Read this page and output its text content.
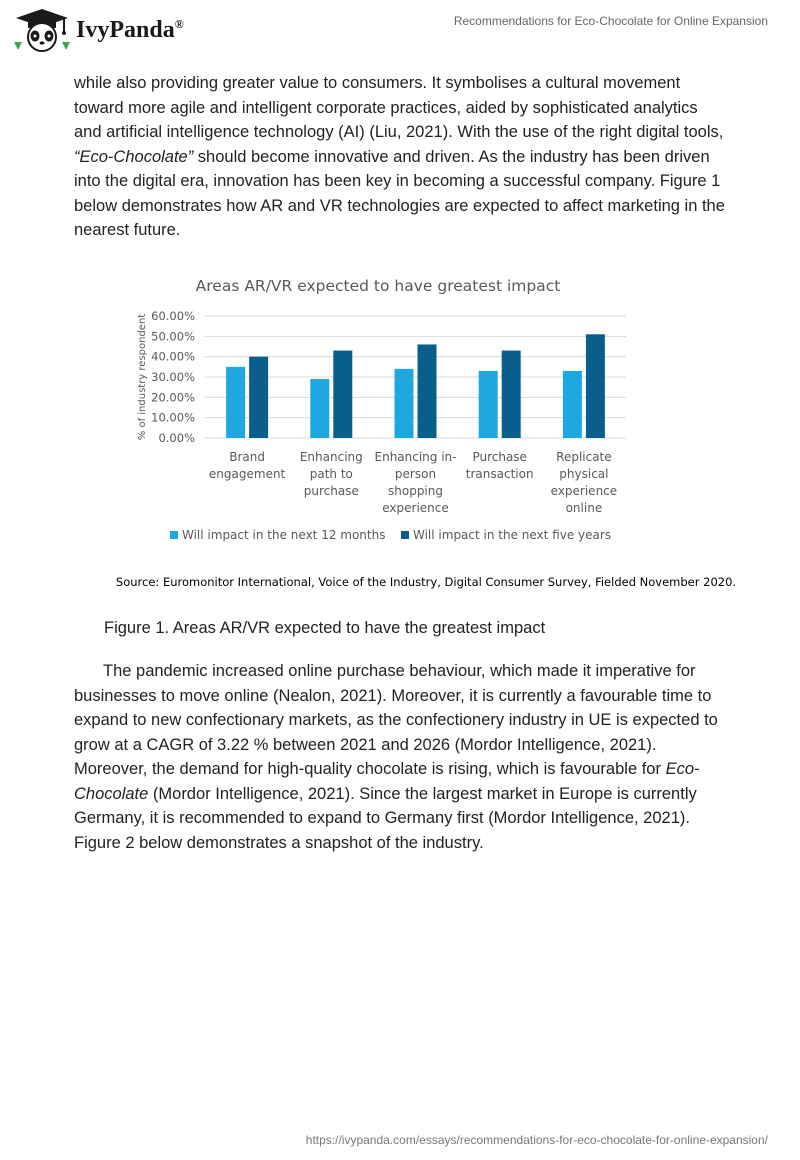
IvyPanda®	Recommendations for Eco-Chocolate for Online Expansion

while also providing greater value to consumers. It symbolises a cultural movement toward more agile and intelligent corporate practices, aided by sophisticated analytics and artificial intelligence technology (AI) (Liu, 2021). With the use of the right digital tools, “Eco-Chocolate” should become innovative and driven. As the industry has been driven into the digital era, innovation has been key in becoming a successful company. Figure 1 below demonstrates how AR and VR technologies are expected to affect marketing in the nearest future.

Areas AR/VR expected to have greatest impact
0.00%
10.00%
20.00%
30.00%
40.00%
50.00%
60.00%
% of industry respondent
Brand engagement
Enhancing path to purchase
Enhancing in-person shopping experience
Purchase transaction
Replicate physical experience online
Will impact in the next 12 months Will impact in the next five years
Source: Euromonitor International, Voice of the Industry, Digital Consumer Survey, Fielded November 2020.
Figure 1. Areas AR/VR expected to have the greatest impact

The pandemic increased online purchase behaviour, which made it imperative for businesses to move online (Nealon, 2021). Moreover, it is currently a favourable time to expand to new confectionary markets, as the confectionery industry in UE is expected to grow at a CAGR of 3.22 % between 2021 and 2026 (Mordor Intelligence, 2021). Moreover, the demand for high-quality chocolate is rising, which is favourable for Eco-Chocolate (Mordor Intelligence, 2021). Since the largest market in Europe is currently Germany, it is recommended to expand to Germany first (Mordor Intelligence, 2021). Figure 2 below demonstrates a snapshot of the industry.

https://ivypanda.com/essays/recommendations-for-eco-chocolate-for-online-expansion/
